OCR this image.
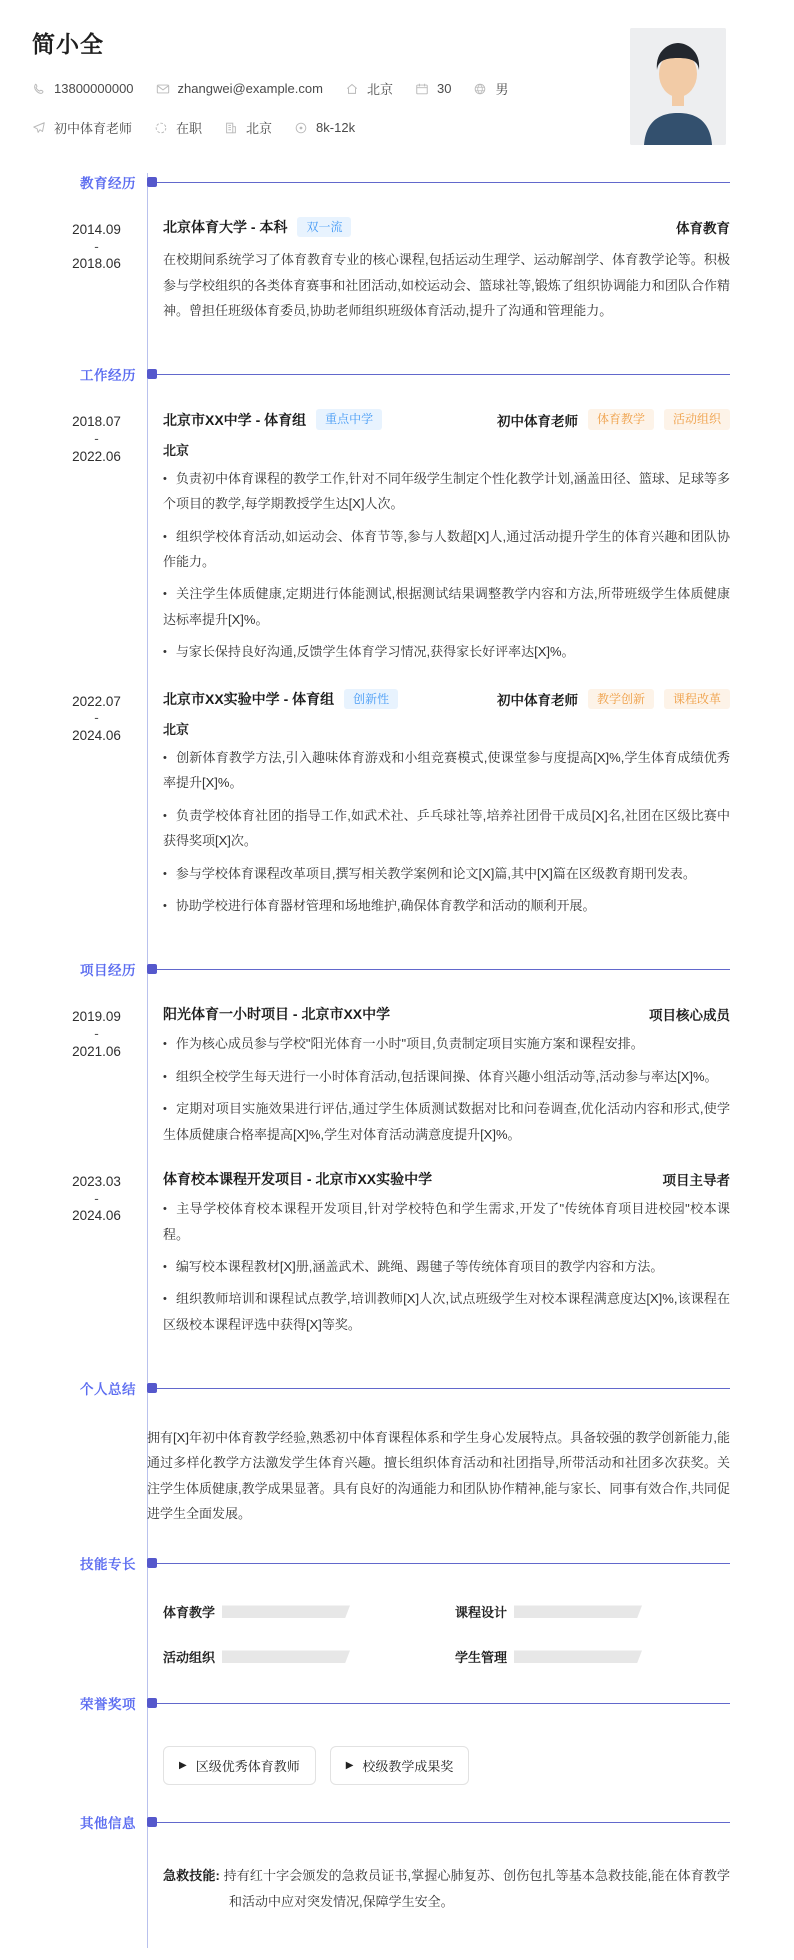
简小全
13800000000	zhangwei@example.com	北京	30	男
初中体育老师	在职	北京	8k-12k
教育经历
2014.09
-
2018.06
北京体育大学 - 本科	双一流	体育教育

在校期间系统学习了体育教育专业的核心课程,包括运动生理学、运动解剖学、体育教学论等。积极参与学校组织的各类体育赛事和社团活动,如校运动会、篮球社等,锻炼了组织协调能力和团队合作精神。曾担任班级体育委员,协助老师组织班级体育活动,提升了沟通和管理能力。

工作经历
2018.07
-
2022.06
北京市XX中学 - 体育组	重点中学	初中体育老师	体育教学	活动组织
北京

• 负责初中体育课程的教学工作,针对不同年级学生制定个性化教学计划,涵盖田径、篮球、足球等多个项目的教学,每学期教授学生达[X]人次。

• 组织学校体育活动,如运动会、体育节等,参与人数超[X]人,通过活动提升学生的体育兴趣和团队协作能力。

• 关注学生体质健康,定期进行体能测试,根据测试结果调整教学内容和方法,所带班级学生体质健康达标率提升[X]%。

• 与家长保持良好沟通,反馈学生体育学习情况,获得家长好评率达[X]%。

2022.07
-
2024.06
北京市XX实验中学 - 体育组	创新性	初中体育老师	教学创新	课程改革
北京

• 创新体育教学方法,引入趣味体育游戏和小组竞赛模式,使课堂参与度提高[X]%,学生体育成绩优秀率提升[X]%。

• 负责学校体育社团的指导工作,如武术社、乒乓球社等,培养社团骨干成员[X]名,社团在区级比赛中获得奖项[X]次。

• 参与学校体育课程改革项目,撰写相关教学案例和论文[X]篇,其中[X]篇在区级教育期刊发表。

• 协助学校进行体育器材管理和场地维护,确保体育教学和活动的顺利开展。

项目经历
2019.09
-
2021.06
阳光体育一小时项目 - 北京市XX中学	项目核心成员

• 作为核心成员参与学校"阳光体育一小时"项目,负责制定项目实施方案和课程安排。

• 组织全校学生每天进行一小时体育活动,包括课间操、体育兴趣小组活动等,活动参与率达[X]%。

• 定期对项目实施效果进行评估,通过学生体质测试数据对比和问卷调查,优化活动内容和形式,使学生体质健康合格率提高[X]%,学生对体育活动满意度提升[X]%。

2023.03
-
2024.06
体育校本课程开发项目 - 北京市XX实验中学	项目主导者

• 主导学校体育校本课程开发项目,针对学校特色和学生需求,开发了"传统体育项目进校园"校本课程。

• 编写校本课程教材[X]册,涵盖武术、跳绳、踢毽子等传统体育项目的教学内容和方法。

• 组织教师培训和课程试点教学,培训教师[X]人次,试点班级学生对校本课程满意度达[X]%,该课程在区级校本课程评选中获得[X]等奖。

个人总结

拥有[X]年初中体育教学经验,熟悉初中体育课程体系和学生身心发展特点。具备较强的教学创新能力,能通过多样化教学方法激发学生体育兴趣。擅长组织体育活动和社团指导,所带活动和社团多次获奖。关注学生体质健康,教学成果显著。具有良好的沟通能力和团队协作精神,能与家长、同事有效合作,共同促进学生全面发展。

技能专长
体育教学	课程设计
活动组织	学生管理
荣誉奖项
▶ 区级优秀体育教师	▶ 校级教学成果奖
其他信息

急救技能: 持有红十字会颁发的急救员证书,掌握心肺复苏、创伤包扎等基本急救技能,能在体育教学和活动中应对突发情况,保障学生安全。
